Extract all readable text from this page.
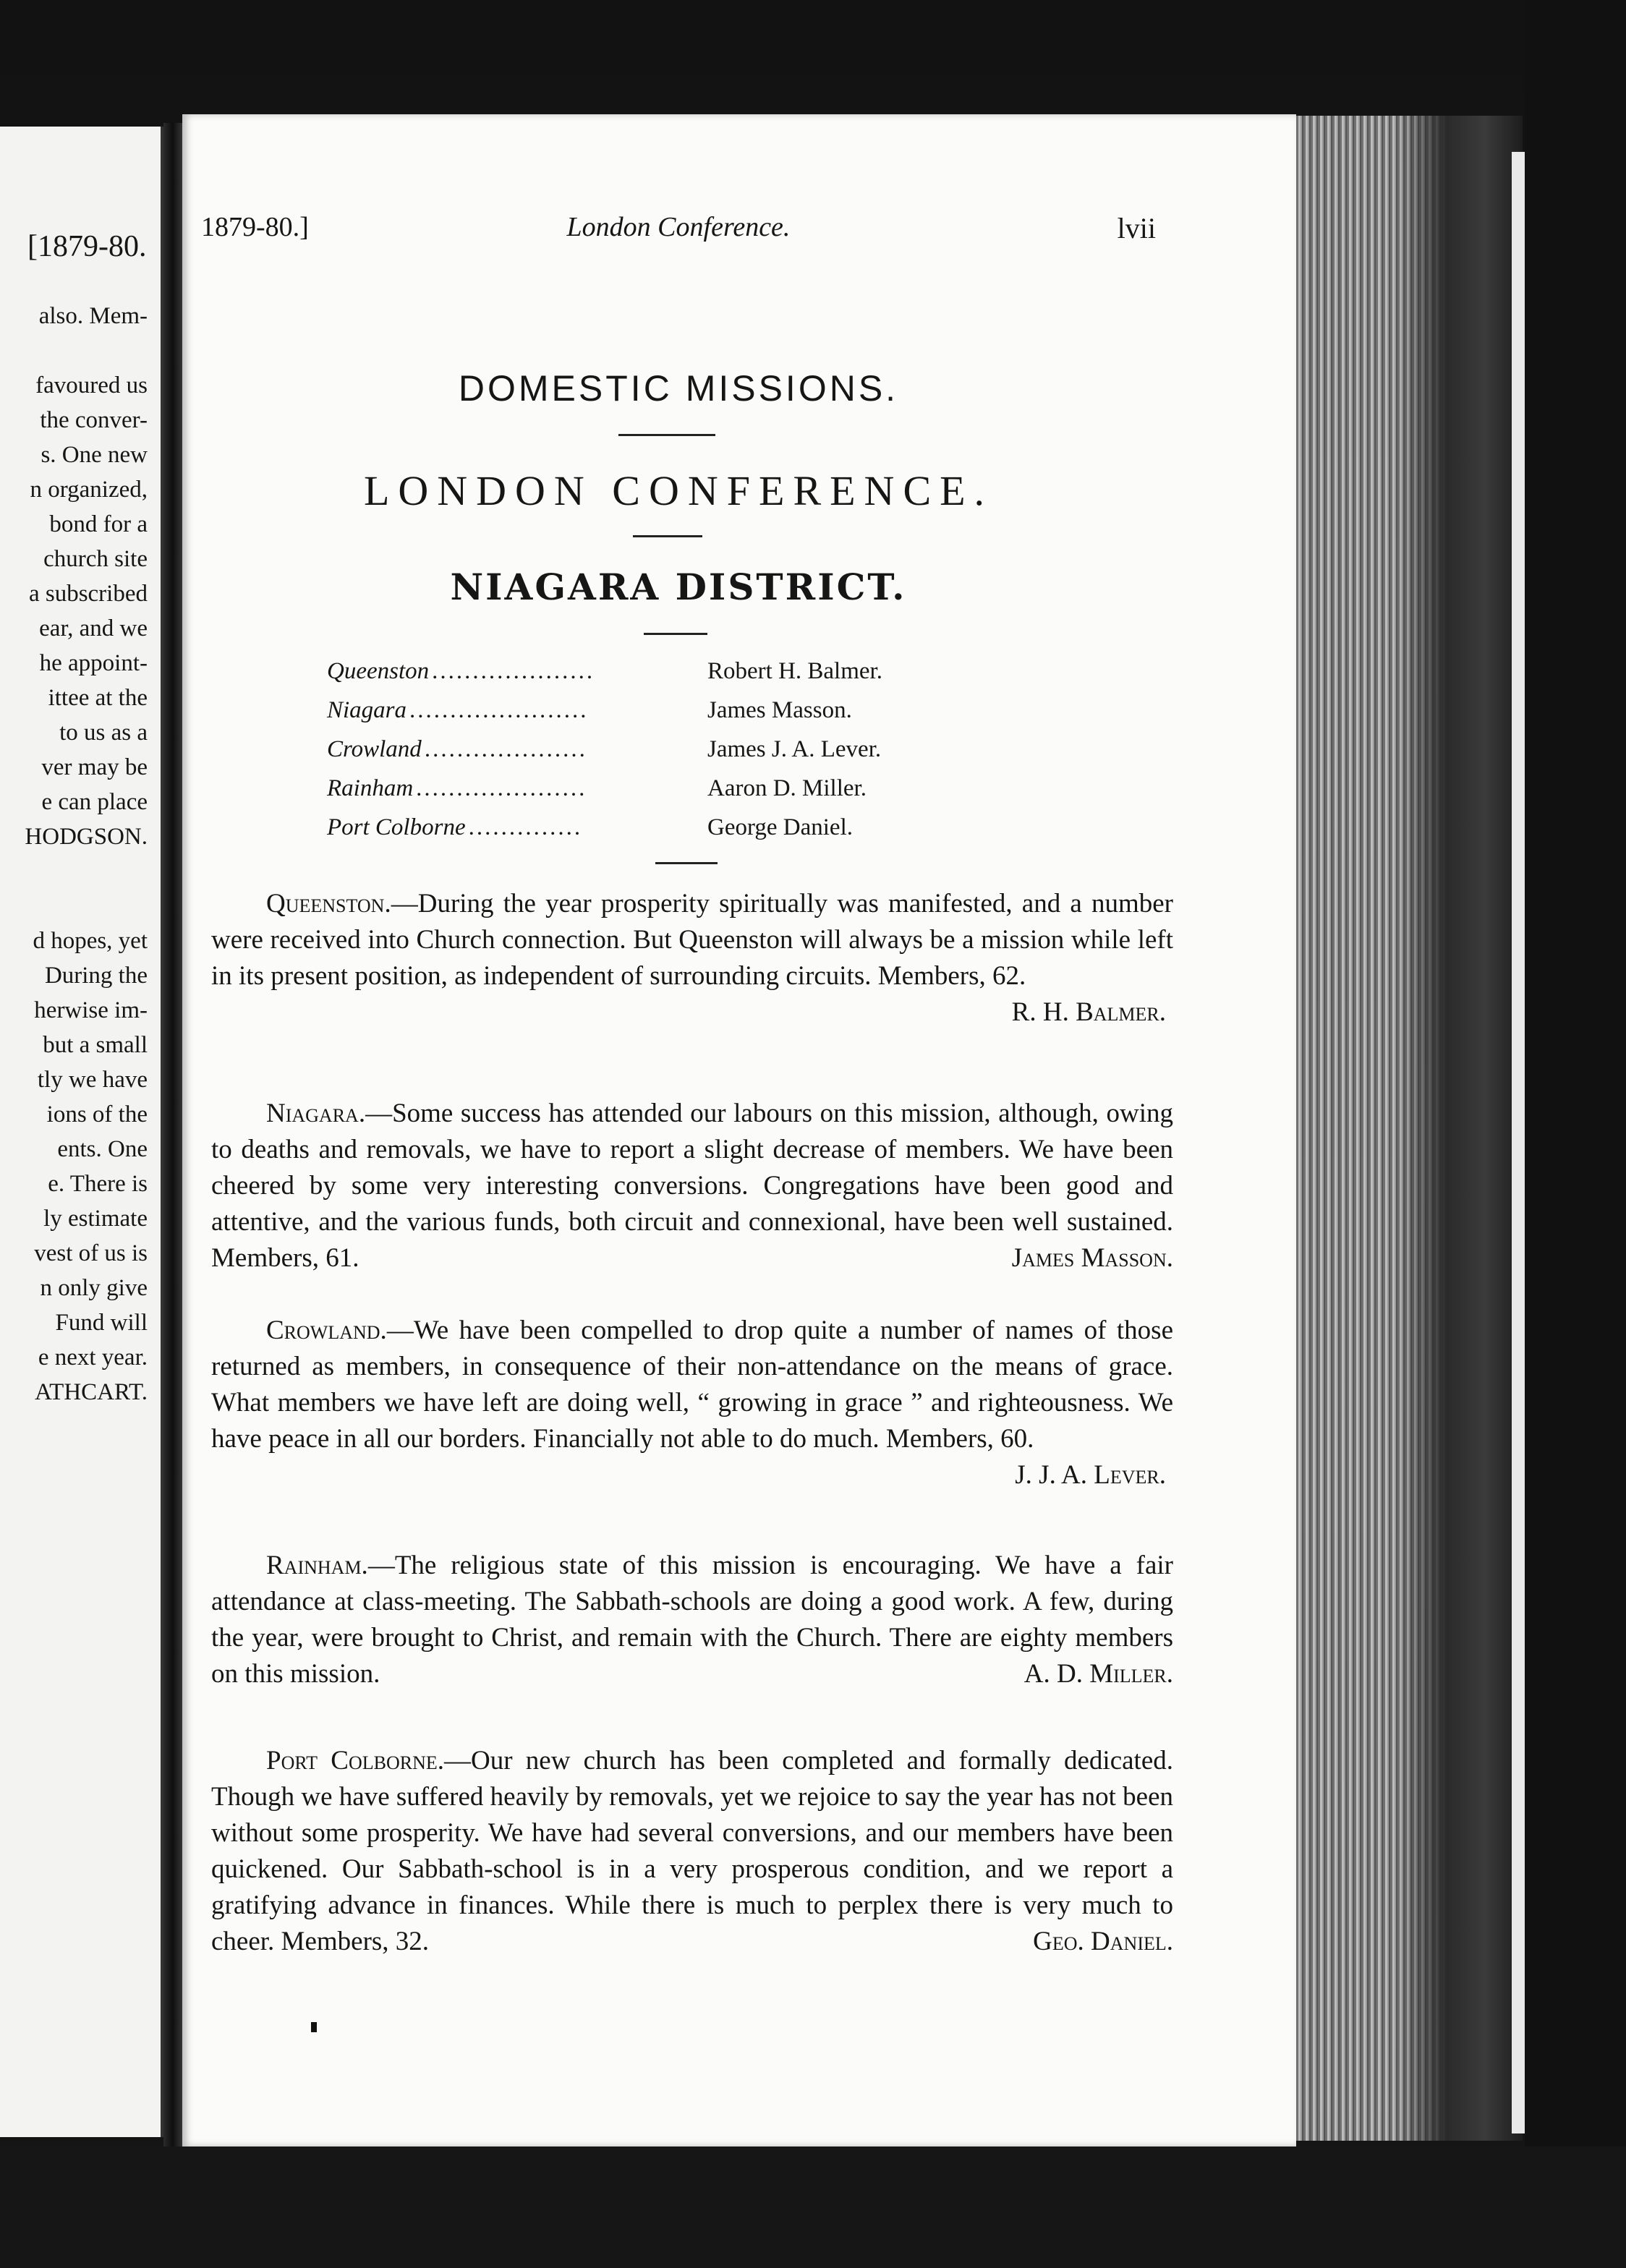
[1879-80.
also. Mem-
favoured us
the conver-
s. One new
n organized,
bond for a
church site
a subscribed
ear, and we
he appoint-
ittee at the
to us as a
ver may be
e can place
HODGSON.
d hopes, yet
During the
herwise im-
but a small
tly we have
ions of the
ents. One
e. There is
ly estimate
vest of us is
n only give
Fund will
e next year.
ATHCART.
1879-80.]	London Conference.	lvii
DOMESTIC MISSIONS.
LONDON CONFERENCE.
NIAGARA DISTRICT.
Queenston ....................	Robert H. Balmer.
Niagara ......................	James Masson.
Crowland ....................	James J. A. Lever.
Rainham .....................	Aaron D. Miller.
Port Colborne ..............	George Daniel.

Queenston.—During the year prosperity spiritually was manifested, and a number were received into Church connection. But Queenston will always be a mission while left in its present position, as independent of surrounding circuits. Members, 62.

R. H. Balmer.

Niagara.—Some success has attended our labours on this mission, although, owing to deaths and removals, we have to report a slight decrease of members. We have been cheered by some very interesting conversions. Congregations have been good and attentive, and the various funds, both circuit and connexional, have been well sustained. Members, 61.	James Masson.

Crowland.—We have been compelled to drop quite a number of names of those returned as members, in consequence of their non-attendance on the means of grace. What members we have left are doing well, “ growing in grace ” and righteousness. We have peace in all our borders. Financially not able to do much. Members, 60.

J. J. A. Lever.

Rainham.—The religious state of this mission is encouraging. We have a fair attendance at class-meeting. The Sabbath-schools are doing a good work. A few, during the year, were brought to Christ, and remain with the Church. There are eighty members on this mission.	A. D. Miller.

Port Colborne.—Our new church has been completed and formally dedicated. Though we have suffered heavily by removals, yet we rejoice to say the year has not been without some prosperity. We have had several conversions, and our members have been quickened. Our Sabbath-school is in a very prosperous condition, and we report a gratifying advance in finances. While there is much to perplex there is very much to cheer. Members, 32.	Geo. Daniel.
